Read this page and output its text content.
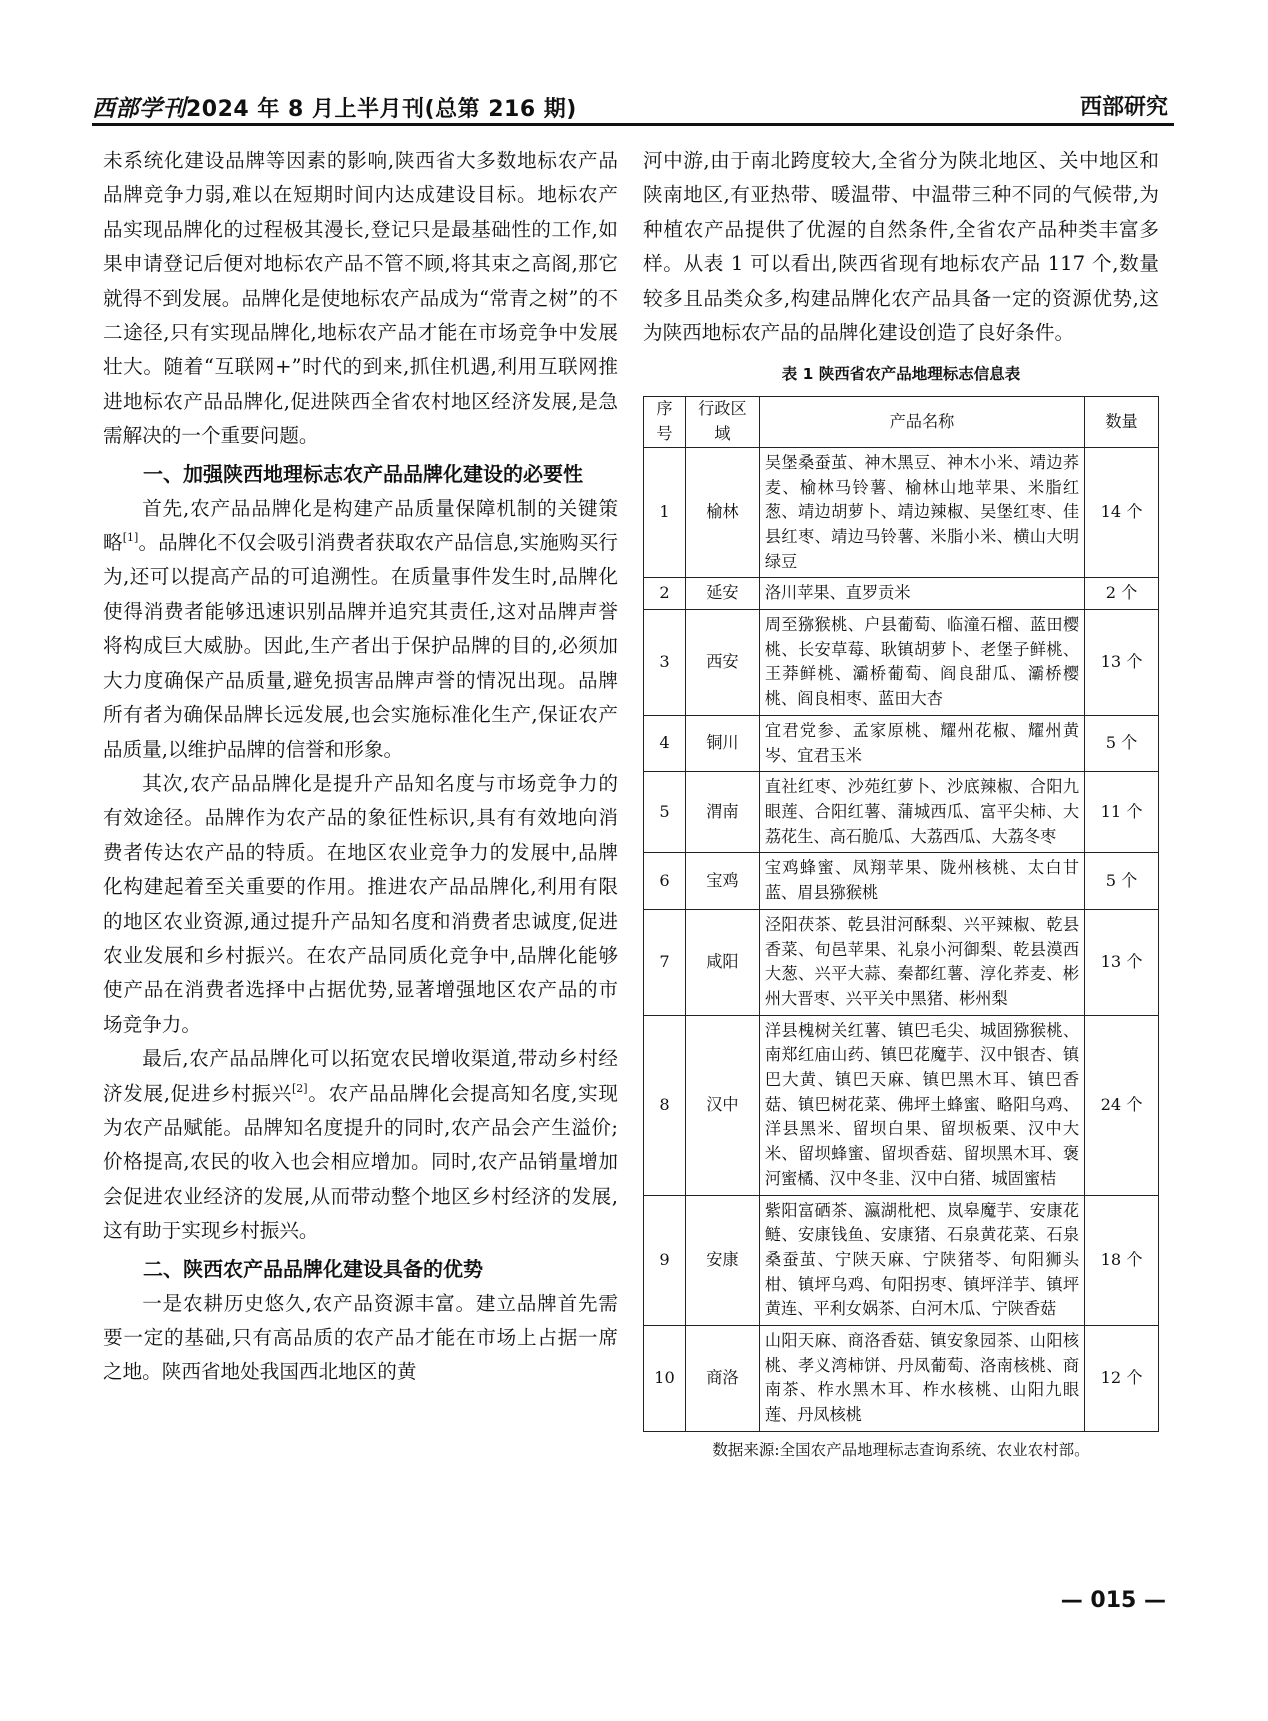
西部学刊2024 年 8 月上半月刊(总第 216 期)	西部研究

未系统化建设品牌等因素的影响,陕西省大多数地标农产品品牌竞争力弱,难以在短期时间内达成建设目标。地标农产品实现品牌化的过程极其漫长,登记只是最基础性的工作,如果申请登记后便对地标农产品不管不顾,将其束之高阁,那它就得不到发展。品牌化是使地标农产品成为“常青之树”的不二途径,只有实现品牌化,地标农产品才能在市场竞争中发展壮大。随着“互联网+”时代的到来,抓住机遇,利用互联网推进地标农产品品牌化,促进陕西全省农村地区经济发展,是急需解决的一个重要问题。

一、加强陕西地理标志农产品品牌化建设的必要性

首先,农产品品牌化是构建产品质量保障机制的关键策略[1]。品牌化不仅会吸引消费者获取农产品信息,实施购买行为,还可以提高产品的可追溯性。在质量事件发生时,品牌化使得消费者能够迅速识别品牌并追究其责任,这对品牌声誉将构成巨大威胁。因此,生产者出于保护品牌的目的,必须加大力度确保产品质量,避免损害品牌声誉的情况出现。品牌所有者为确保品牌长远发展,也会实施标准化生产,保证农产品质量,以维护品牌的信誉和形象。

其次,农产品品牌化是提升产品知名度与市场竞争力的有效途径。品牌作为农产品的象征性标识,具有有效地向消费者传达农产品的特质。在地区农业竞争力的发展中,品牌化构建起着至关重要的作用。推进农产品品牌化,利用有限的地区农业资源,通过提升产品知名度和消费者忠诚度,促进农业发展和乡村振兴。在农产品同质化竞争中,品牌化能够使产品在消费者选择中占据优势,显著增强地区农产品的市场竞争力。

最后,农产品品牌化可以拓宽农民增收渠道,带动乡村经济发展,促进乡村振兴[2]。农产品品牌化会提高知名度,实现为农产品赋能。品牌知名度提升的同时,农产品会产生溢价;价格提高,农民的收入也会相应增加。同时,农产品销量增加会促进农业经济的发展,从而带动整个地区乡村经济的发展,这有助于实现乡村振兴。

二、陕西农产品品牌化建设具备的优势

一是农耕历史悠久,农产品资源丰富。建立品牌首先需要一定的基础,只有高品质的农产品才能在市场上占据一席之地。陕西省地处我国西北地区的黄

河中游,由于南北跨度较大,全省分为陕北地区、关中地区和陕南地区,有亚热带、暖温带、中温带三种不同的气候带,为种植农产品提供了优渥的自然条件,全省农产品种类丰富多样。从表 1 可以看出,陕西省现有地标农产品 117 个,数量较多且品类众多,构建品牌化农产品具备一定的资源优势,这为陕西地标农产品的品牌化建设创造了良好条件。

表 1 陕西省农产品地理标志信息表
序号	行政区域	产品名称	数量
1	榆林	吴堡桑蚕茧、神木黑豆、神木小米、靖边荞麦、榆林马铃薯、榆林山地苹果、米脂红葱、靖边胡萝卜、靖边辣椒、吴堡红枣、佳县红枣、靖边马铃薯、米脂小米、横山大明绿豆	14 个
2	延安	洛川苹果、直罗贡米	2 个
3	西安	周至猕猴桃、户县葡萄、临潼石榴、蓝田樱桃、长安草莓、耿镇胡萝卜、老堡子鲜桃、王莽鲜桃、灞桥葡萄、阎良甜瓜、灞桥樱桃、阎良相枣、蓝田大杏	13 个
4	铜川	宜君党参、孟家原桃、耀州花椒、耀州黄岑、宜君玉米	5 个
5	渭南	直社红枣、沙苑红萝卜、沙底辣椒、合阳九眼莲、合阳红薯、蒲城西瓜、富平尖柿、大荔花生、高石脆瓜、大荔西瓜、大荔冬枣	11 个
6	宝鸡	宝鸡蜂蜜、凤翔苹果、陇州核桃、太白甘蓝、眉县猕猴桃	5 个
7	咸阳	泾阳茯茶、乾县泔河酥梨、兴平辣椒、乾县香菜、旬邑苹果、礼泉小河御梨、乾县漠西大葱、兴平大蒜、秦都红薯、淳化荞麦、彬州大晋枣、兴平关中黑猪、彬州梨	13 个
8	汉中	洋县槐树关红薯、镇巴毛尖、城固猕猴桃、南郑红庙山药、镇巴花魔芋、汉中银杏、镇巴大黄、镇巴天麻、镇巴黑木耳、镇巴香菇、镇巴树花菜、佛坪土蜂蜜、略阳乌鸡、洋县黑米、留坝白果、留坝板栗、汉中大米、留坝蜂蜜、留坝香菇、留坝黑木耳、褒河蜜橘、汉中冬韭、汉中白猪、城固蜜桔	24 个
9	安康	紫阳富硒茶、瀛湖枇杷、岚皋魔芋、安康花鲢、安康钱鱼、安康猪、石泉黄花菜、石泉桑蚕茧、宁陕天麻、宁陕猪苓、旬阳狮头柑、镇坪乌鸡、旬阳拐枣、镇坪洋芋、镇坪黄连、平利女娲茶、白河木瓜、宁陕香菇	18 个
10	商洛	山阳天麻、商洛香菇、镇安象园茶、山阳核桃、孝义湾柿饼、丹凤葡萄、洛南核桃、商南茶、柞水黑木耳、柞水核桃、山阳九眼莲、丹凤核桃	12 个
数据来源:全国农产品地理标志查询系统、农业农村部。
— 015 —
